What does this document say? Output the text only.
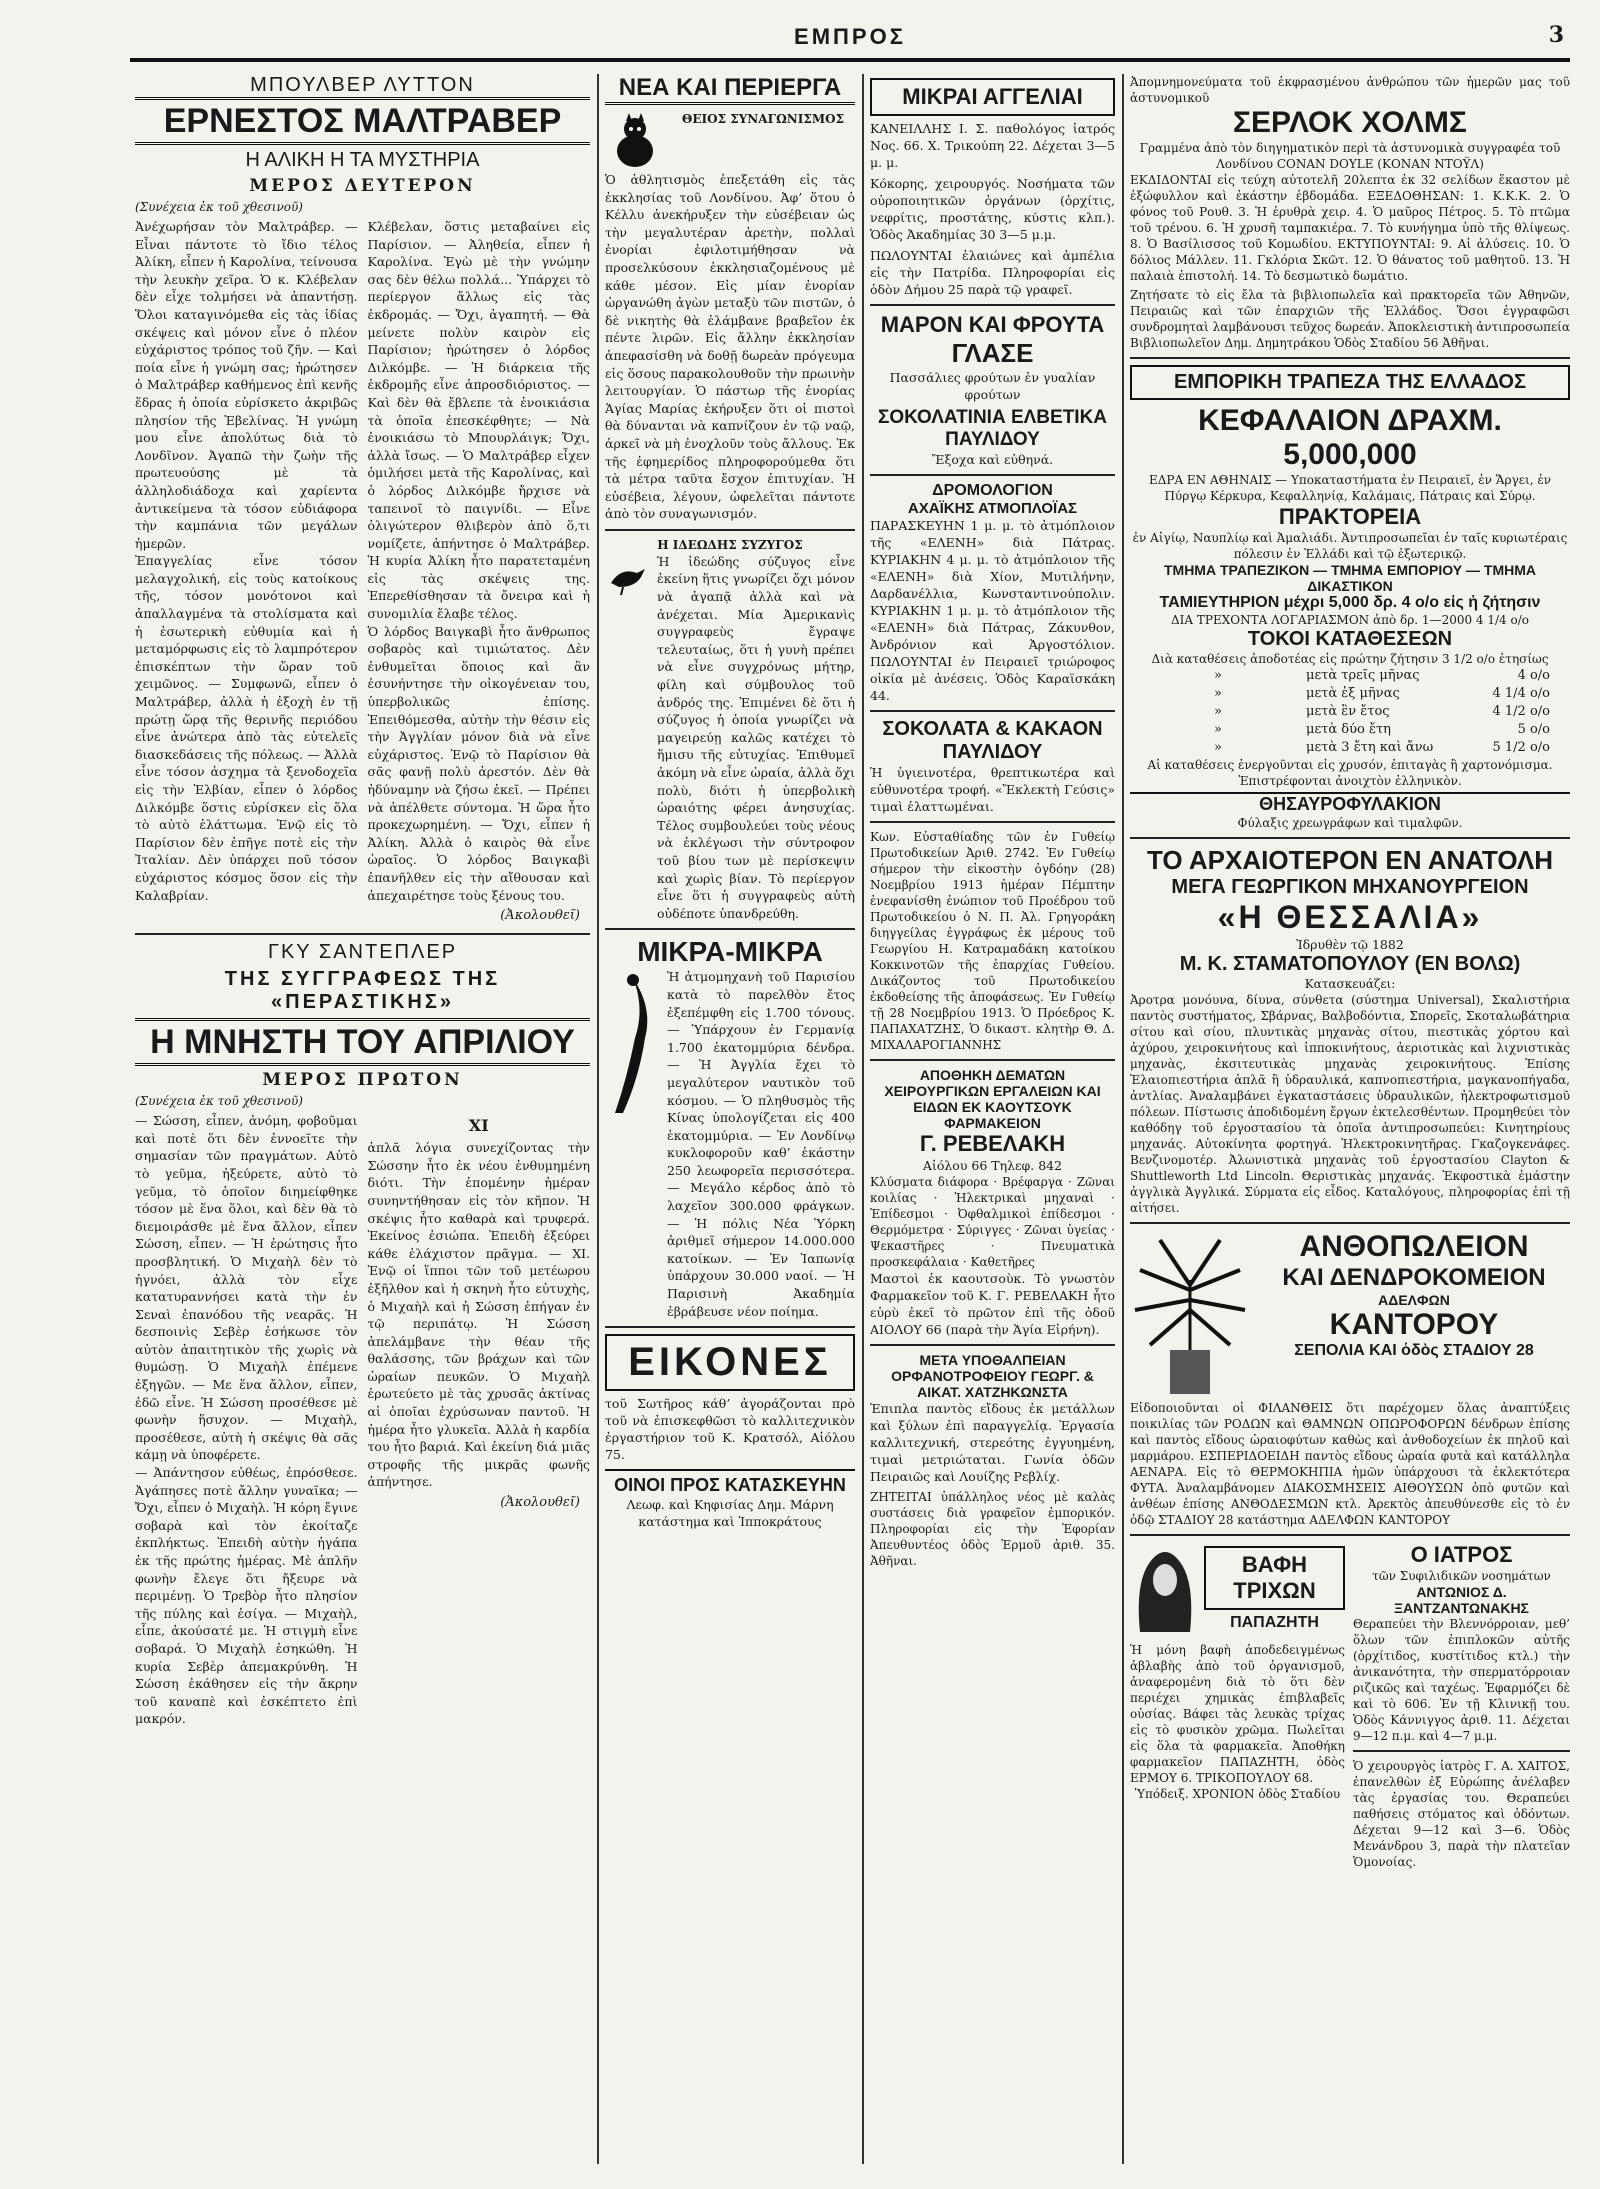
ΕΜΠΡΟΣ	3
ΜΠΟΥΛΒΕΡ ΛΥΤΤΟΝ
ΕΡΝΕΣΤΟΣ ΜΑΛΤΡΑΒΕΡ
Η ΑΛΙΚΗ Η ΤΑ ΜΥΣΤΗΡΙΑ
ΜΕΡΟΣ ΔΕΥΤΕΡΟΝ
(Συνέχεια ἐκ τοῦ χθεσινοῦ)
Ἀνέχωρήσαν τὸν Μαλτράβερ. — Εἶναι πάντοτε τὸ ἴδιο τέλος Ἀλίκη, εἶπεν ἡ Καρολίνα, τείνουσα τὴν λευκὴν χεῖρα. Ὁ κ. Κλέβελαν δὲν εἶχε τολμήσει νὰ ἀπαντήσῃ. Ὅλοι καταγινόμεθα εἰς τὰς ἰδίας σκέψεις καὶ μόνον εἶνε ὁ πλέον εὐχάριστος τρόπος τοῦ ζῆν. — Καὶ ποία εἶνε ἡ γνώμη σας; ἠρώτησεν ὁ Μαλτράβερ καθήμενος ἐπὶ κενῆς ἕδρας ἡ ὁποία εὑρίσκετο ἀκριβῶς πλησίον τῆς Ἐβελίνας. Ἡ γνώμη μου εἶνε ἀπολύτως διὰ τὸ Λονδῖνον. Ἀγαπῶ τὴν ζωὴν τῆς πρωτευούσης μὲ τὰ ἀλληλοδιάδοχα καὶ χαρίεντα ἀντικείμενα τὰ τόσον εὐδιάφορα τὴν καμπάνια τῶν μεγάλων ἡμερῶν.
Ἐπαγγελίας εἶνε τόσον μελαγχολική, εἰς τοὺς κατοίκους τῆς, τόσον μονότονοι καὶ ἀπαλλαγμένα τὰ στολίσματα καὶ ἡ ἐσωτερικὴ εὐθυμία καὶ ἡ μεταμόρφωσις εἰς τὸ λαμπρότερον ἐπισκέπτων τὴν ὥραν τοῦ χειμῶνος. — Συμφωνῶ, εἶπεν ὁ Μαλτράβερ, ἀλλὰ ἡ ἐξοχὴ ἐν τῇ πρώτῃ ὥρᾳ τῆς θερινῆς περιόδου εἶνε ἀνώτερα ἀπὸ τὰς εὐτελεῖς διασκεδάσεις τῆς πόλεως. — Ἀλλὰ εἶνε τόσον ἀσχημα τὰ ξενοδοχεῖα εἰς τὴν Ἐλβίαν, εἶπεν ὁ λόρδος Διλκόμβε ὅστις εὐρίσκεν εἰς ὅλα τὸ αὐτὸ ἐλάττωμα. Ἐνῷ εἰς τὸ Παρίσιον δὲν ἐπῆγε ποτὲ εἰς τὴν Ἰταλίαν. Δὲν ὑπάρχει ποῦ τόσον εὐχάριστος κόσμος ὅσον εἰς τὴν Καλαβρίαν.
Κλέβελαν, ὅστις μεταβαίνει εἰς Παρίσιον. — Ἀληθεία, εἶπεν ἡ Καρολίνα. Ἐγὼ μὲ τὴν γνώμην σας δὲν θέλω πολλά... Ὑπάρχει τὸ περίεργον ἄλλως εἰς τὰς ἐκδρομάς. — Ὄχι, ἀγαπητή. — Θὰ μείνετε πολὺν καιρὸν εἰς Παρίσιον; ἠρώτησεν ὁ λόρδος Διλκόμβε. — Ἡ διάρκεια τῆς ἐκδρομῆς εἶνε ἀπροσδιόριστος. — Καὶ δὲν θὰ ἔβλεπε τὰ ἐνοικιάσια τὰ ὁποῖα ἐπεσκέφθητε; — Νὰ ἐνοικιάσω τὸ Μπουρλάιγκ; Ὄχι, ἀλλὰ ἴσως. — Ὁ Μαλτράβερ εἶχεν ὁμιλήσει μετὰ τῆς Καρολίνας, καὶ ὁ λόρδος Διλκόμβε ἤρχισε νὰ ταπεινοῖ τὸ παιγνίδι. — Εἶνε ὁλιγώτερον θλιβερὸν ἀπὸ ὅ,τι νομίζετε, ἀπήντησε ὁ Μαλτράβερ. Ἡ κυρία Ἀλίκη ἦτο παρατεταμένη εἰς τὰς σκέψεις της. Ἐπερεθίσθησαν τὰ ὄνειρα καὶ ἡ συνομιλία ἔλαβε τέλος.
Ὁ λόρδος Βαιγκαβὶ ἦτο ἄνθρωπος σοβαρὸς καὶ τιμιώτατος. Δὲν ἐνθυμεῖται ὅποιος καὶ ἂν ἐσυνήντησε τὴν οἰκογένειαν του, ὑπερβολικῶς ἐπίσης. Ἐπειθόμεσθα, αὐτὴν τὴν θέσιν εἰς τὴν Ἀγγλίαν μόνον διὰ νὰ εἶνε εὐχάριστος. Ἐνῷ τὸ Παρίσιον θὰ σᾶς φανῇ πολὺ ἀρεστόν. Δὲν θὰ ἠδύναμην νὰ ζήσω ἐκεῖ. — Πρέπει νὰ ἀπέλθετε σύντομα. Ἡ ὥρα ἦτο προκεχωρημένη. — Ὄχι, εἶπεν ἡ Ἀλίκη. Ἀλλὰ ὁ καιρὸς θὰ εἶνε ὡραῖος. Ὁ λόρδος Βαιγκαβὶ ἐπανῆλθεν εἰς τὴν αἴθουσαν καὶ ἀπεχαιρέτησε τοὺς ξένους του.
(Ἀκολουθεῖ)
ΓΚΥ ΣΑΝΤΕΠΛΕΡ
ΤΗΣ ΣΥΓΓΡΑΦΕΩΣ ΤΗΣ «ΠΕΡΑΣΤΙΚΗΣ»
Η ΜΝΗΣΤΗ ΤΟΥ ΑΠΡΙΛΙΟΥ
ΜΕΡΟΣ ΠΡΩΤΟΝ
(Συνέχεια ἐκ τοῦ χθεσινοῦ)
— Σώσση, εἶπεν, ἀνόμη, φοβοῦμαι καὶ ποτὲ ὅτι δὲν ἐννοεῖτε τὴν σημασίαν τῶν πραγμάτων. Αὐτὸ τὸ γεῦμα, ἠξεύρετε, αὐτὸ τὸ γεῦμα, τὸ ὁποῖον διημείφθηκε τόσον μὲ ἕνα ὅλοι, καὶ δὲν θὰ τὸ διεμοιράσθε μὲ ἕνα ἄλλον, εἶπεν Σώσση, εἶπεν. — Ἡ ἐρώτησις ἦτο προσβλητική. Ὁ Μιχαὴλ δὲν τὸ ἠγνόει, ἀλλὰ τὸν εἶχε κατατυραννήσει κατὰ τὴν ἐν Σεναὶ ἐπανόδου τῆς νεαρᾶς. Ἡ δεσποινὶς Σεβὲρ ἐσήκωσε τὸν αὐτὸν ἀπαιτητικὸν τῆς χωρὶς νὰ θυμώσῃ. Ὁ Μιχαὴλ ἐπέμενε ἐξηγῶν. — Με ἕνα ἄλλον, εἶπεν, ἐδῶ εἶνε. Ἡ Σώσση προσέθεσε μὲ φωνὴν ἥσυχον. — Μιχαὴλ, προσέθεσε, αὐτὴ ἡ σκέψις θὰ σᾶς κάμῃ νὰ ὑποφέρετε.
— Ἀπάντησον εὐθέως, ἐπρόσθεσε. Ἀγάπησες ποτὲ ἄλλην γυναῖκα; — Ὄχι, εἶπεν ὁ Μιχαὴλ. Ἡ κόρη ἔγινε σοβαρὰ καὶ τὸν ἐκοίταζε ἐκπλήκτως. Ἐπειδὴ αὐτὴν ἠγάπα ἐκ τῆς πρώτης ἡμέρας. Μὲ ἁπλῆν φωνὴν ἔλεγε ὅτι ἤξευρε νὰ περιμένῃ. Ὁ Τρεβὸρ ἦτο πλησίον τῆς πύλης καὶ ἐσίγα. — Μιχαὴλ, εἶπε, ἀκούσατέ με. Ἡ στιγμὴ εἶνε σοβαρά. Ὁ Μιχαὴλ ἐσηκώθη. Ἡ κυρία Σεβὲρ ἀπεμακρύνθη. Ἡ Σώσση ἐκάθησεν εἰς τὴν ἄκρην τοῦ καναπὲ καὶ ἐσκέπτετο ἐπὶ μακρόν.
XI
ἁπλᾶ λόγια συνεχίζοντας τὴν Σώσσην ἦτο ἐκ νέου ἐνθυμημένη διότι. Τὴν ἐπομένην ἡμέραν συνηντήθησαν εἰς τὸν κῆπον. Ἡ σκέψις ἦτο καθαρὰ καὶ τρυφερά. Ἐκείνος ἐσιώπα. Ἐπειδὴ ἐξεύρει κάθε ἐλάχιστον πρᾶγμα. — ΧΙ. Ἐνῷ οἱ ἵπποι τῶν τοῦ μετέωρου ἐξῆλθον καὶ ἡ σκηνὴ ἦτο εὐτυχὴς, ὁ Μιχαὴλ καὶ ἡ Σώσση ἐπήγαν ἐν τῷ περιπάτῳ. Ἡ Σώσση ἀπελάμβανε τὴν θέαν τῆς θαλάσσης, τῶν βράχων καὶ τῶν ὡραίων πευκῶν. Ὁ Μιχαὴλ ἐρωτεύετο μὲ τὰς χρυσᾶς ἀκτίνας αἱ ὁποῖαι ἐχρύσωναν παντοῦ. Ἡ ἡμέρα ἦτο γλυκεῖα. Ἀλλὰ ἡ καρδία του ἦτο βαριά. Καὶ ἐκείνη διά μιᾶς στροφῆς τῆς μικρᾶς φωνῆς ἀπήντησε.
(Ἀκολουθεῖ)
ΝΕΑ ΚΑΙ ΠΕΡΙΕΡΓΑ
ΘΕΙΟΣ ΣΥΝΑΓΩΝΙΣΜΟΣ
Ὁ ἀθλητισμὸς ἐπεξετάθη εἰς τὰς ἐκκλησίας τοῦ Λονδίνου. Ἀφ’ ὅτου ὁ Κέλλυ ἀνεκήρυξεν τὴν εὐσέβειαν ὡς τὴν μεγαλυτέραν ἀρετὴν, πολλαὶ ἐνορίαι ἐφιλοτιμήθησαν νὰ προσελκύσουν ἐκκλησιαζομένους μὲ κάθε μέσον. Εἰς μίαν ἐνορίαν ὠργανώθη ἀγὼν μεταξὺ τῶν πιστῶν, ὁ δὲ νικητὴς θὰ ἐλάμβανε βραβεῖον ἐκ πέντε λιρῶν. Εἰς ἄλλην ἐκκλησίαν ἀπεφασίσθη νὰ δοθῇ δωρεὰν πρόγευμα εἰς ὅσους παρακολουθοῦν τὴν πρωινὴν λειτουργίαν. Ὁ πάστωρ τῆς ἐνορίας Ἁγίας Μαρίας ἐκήρυξεν ὅτι οἱ πιστοὶ θὰ δύνανται νὰ καπνίζουν ἐν τῷ ναῷ, ἀρκεῖ νὰ μὴ ἐνοχλοῦν τοὺς ἄλλους. Ἐκ τῆς ἐφημερίδος πληροφορούμεθα ὅτι τὰ μέτρα ταῦτα ἔσχον ἐπιτυχίαν. Ἡ εὐσέβεια, λέγουν, ὠφελεῖται πάντοτε ἀπὸ τὸν συναγωνισμόν.
Η ΙΔΕΩΔΗΣ ΣΥΖΥΓΟΣ
Ἡ ἰδεώδης σύζυγος εἶνε ἐκείνη ἥτις γνωρίζει ὄχι μόνον νὰ ἀγαπᾷ ἀλλὰ καὶ νὰ ἀνέχεται. Μία Ἀμερικανὶς συγγραφεὺς ἔγραψε τελευταίως, ὅτι ἡ γυνὴ πρέπει νὰ εἶνε συγχρόνως μήτηρ, φίλη καὶ σύμβουλος τοῦ ἀνδρός της. Ἐπιμένει δὲ ὅτι ἡ σύζυγος ἡ ὁποία γνωρίζει νὰ μαγειρεύῃ καλῶς κατέχει τὸ ἥμισυ τῆς εὐτυχίας. Ἐπιθυμεῖ ἀκόμη νὰ εἶνε ὡραία, ἀλλὰ ὄχι πολὺ, διότι ἡ ὑπερβολικὴ ὡραιότης φέρει ἀνησυχίας. Τέλος συμβουλεύει τοὺς νέους νὰ ἐκλέγωσι τὴν σύντροφον τοῦ βίου των μὲ περίσκεψιν καὶ χωρὶς βίαν. Τὸ περίεργον εἶνε ὅτι ἡ συγγραφεὺς αὐτὴ οὐδέποτε ὑπανδρεύθη.
ΜΙΚΡΑ-ΜΙΚΡΑ
Ἡ ἀτμομηχανὴ τοῦ Παρισίου κατὰ τὸ παρελθὸν ἔτος ἐξεπέμφθη εἰς 1.700 τόνους. — Ὑπάρχουν ἐν Γερμανίᾳ 1.700 ἑκατομμύρια δένδρα. — Ἡ Ἀγγλία ἔχει τὸ μεγαλύτερον ναυτικὸν τοῦ κόσμου. — Ὁ πληθυσμὸς τῆς Κίνας ὑπολογίζεται εἰς 400 ἑκατομμύρια. — Ἐν Λονδίνῳ κυκλοφοροῦν καθ’ ἑκάστην 250 λεωφορεῖα περισσότερα. — Μεγάλο κέρδος ἀπὸ τὸ λαχεῖον 300.000 φράγκων. — Ἡ πόλις Νέα Ὑόρκη ἀριθμεῖ σήμερον 14.000.000 κατοίκων. — Ἐν Ἰαπωνίᾳ ὑπάρχουν 30.000 ναοί. — Ἡ Παρισινὴ Ἀκαδημία ἐβράβευσε νέον ποίημα.
ΕΙΚΟΝΕΣ
τοῦ Σωτῆρος κάθ’ ἀγοράζονται πρὸ τοῦ νὰ ἐπισκεφθῶσι τὸ καλλιτεχνικὸν ἐργαστήριον τοῦ Κ. Κρατσόλ, Αἰόλου 75.
ΟΙΝΟΙ ΠΡΟΣ ΚΑΤΑΣΚΕΥΗΝ
Λεωφ. καὶ Κηφισίας Δημ. Μάρνη κατάστημα καὶ Ἱπποκράτους
ΜΙΚΡΑΙ ΑΓΓΕΛΙΑΙ
ΚΑΝΕΙΛΛΗΣ Ι. Σ. παθολόγος ἰατρός Νος. 66. Χ. Τρικούπη 22. Δέχεται 3—5 μ. μ.
Κόκορης, χειρουργός. Νοσήματα τῶν οὐροποιητικῶν ὀργάνων (ὀρχίτις, νεφρίτις, προστάτης, κύστις κλπ.). Ὁδὸς Ἀκαδημίας 30 3—5 μ.μ.
ΠΩΛΟΥΝΤΑΙ ἐλαιώνες καὶ ἀμπέλια εἰς τὴν Πατρίδα. Πληροφορίαι εἰς ὁδὸν Δήμου 25 παρὰ τῷ γραφεῖ.
ΜΑΡΟΝ ΚΑΙ ΦΡΟΥΤΑ
ΓΛΑΣΕ
Πασσάλιες φρούτων ἐν γυαλίαν φρούτων
ΣΟΚΟΛΑΤΙΝΙΑ ΕΛΒΕΤΙΚΑ ΠΑΥΛΙΔΟΥ
Ἔξοχα καὶ εὐθηνά.
ΔΡΟΜΟΛΟΓΙΟΝ
ΑΧΑΪΚΗΣ ΑΤΜΟΠΛΟΪΑΣ
ΠΑΡΑΣΚΕΥΗΝ 1 μ. μ. τὸ ἀτμόπλοιον τῆς «ΕΛΕΝΗ» διὰ Πάτρας. ΚΥΡΙΑΚΗΝ 4 μ. μ. τὸ ἀτμόπλοιον τῆς «ΕΛΕΝΗ» διὰ Χίον, Μυτιλήνην, Δαρδανέλλια, Κωνσταντινούπολιν. ΚΥΡΙΑΚΗΝ 1 μ. μ. τὸ ἀτμόπλοιον τῆς «ΕΛΕΝΗ» διὰ Πάτρας, Ζάκυνθον, Ἀνδρόνιον καὶ Ἀργοστόλιον. ΠΩΛΟΥΝΤΑΙ ἐν Πειραιεῖ τριώροφος οἰκία μὲ ἀνέσεις. Ὁδὸς Καραϊσκάκη 44.
ΣΟΚΟΛΑΤΑ & ΚΑΚΑΟΝ
ΠΑΥΛΙΔΟΥ
Ἡ ὑγιεινοτέρα, θρεπτικωτέρα καὶ εὐθυνοτέρα τροφή. «Ἔκλεκτὴ Γεύσις» τιμαὶ ἐλαττωμέναι.
Κων. Εὐσταθίαδης τῶν ἐν Γυθείῳ Πρωτοδικείων Ἀριθ. 2742. Ἐν Γυθείῳ σήμερον τὴν εἰκοστὴν ὀγδόην (28) Νοεμβρίου 1913 ἡμέραν Πέμπτην ἐνεφανίσθη ἐνώπιον τοῦ Προέδρου τοῦ Πρωτοδικείου ὁ Ν. Π. Ἀλ. Γρηγοράκη διηγγείλας ἐγγράφως ἐκ μέρους τοῦ Γεωργίου Η. Κατραμαδάκη κατοίκου Κοκκινοτῶν τῆς ἐπαρχίας Γυθείου. Δικάζοντος τοῦ Πρωτοδικείου ἐκδοθείσης τῆς ἀποφάσεως. Ἐν Γυθείῳ τῇ 28 Νοεμβρίου 1913. Ὁ Πρόεδρος Κ. ΠΑΠΑΧΑΤΖΗΣ, Ὁ δικαστ. κλητὴρ Θ. Δ. ΜΙΧΑΛΑΡΟΓΙΑΝΝΗΣ
ΑΠΟΘΗΚΗ ΔΕΜΑΤΩΝ ΧΕΙΡΟΥΡΓΙΚΩΝ ΕΡΓΑΛΕΙΩΝ ΚΑΙ ΕΙΔΩΝ ΕΚ ΚΑΟΥΤΣΟΥΚ ΦΑΡΜΑΚΕΙΟΝ
Γ. ΡΕΒΕΛΑΚΗ
Αἰόλου 66 Τηλεφ. 842
Κλύσματα διάφορα · Βρέφαργα · Ζῶναι κοιλίας · Ἠλεκτρικαὶ μηχαναὶ · Ἐπίδεσμοι · Ὀφθαλμικοὶ ἐπίδεσμοι · Θερμόμετρα · Σύριγγες · Ζῶναι ὑγείας · Ψεκαστῆρες · Πνευματικὰ προσκεφάλαια · Καθετῆρες
Μαστοὶ ἐκ καουτσοὺκ. Τὸ γνωστὸν Φαρμακεῖον τοῦ Κ. Γ. ΡΕΒΕΛΑΚΗ ἦτο εὑρὺ ἐκεῖ τὸ πρῶτον ἐπὶ τῆς ὁδοῦ ΑΙΟΛΟΥ 66 (παρὰ τὴν Ἁγία Εἰρήνη).
ΜΕΤΑ ΥΠΟΘΑΛΠΕΙΑΝ ΟΡΦΑΝΟΤΡΟΦΕΙΟΥ ΓΕΩΡΓ. & ΑΙΚΑΤ. ΧΑΤΖΗΚΩΝΣΤΑ
Ἐπιπλα παντὸς εἴδους ἐκ μετάλλων καὶ ξύλων ἐπὶ παραγγελίᾳ. Ἐργασία καλλιτεχνική, στερεότης ἐγγυημένη, τιμαὶ μετριώταται. Γωνία ὁδῶν Πειραιῶς καὶ Λουίζης Ρεβλίχ.
ΖΗΤΕΙΤΑΙ ὑπάλληλος νέος μὲ καλὰς συστάσεις διὰ γραφεῖον ἐμπορικόν. Πληροφορίαι εἰς τὴν Ἐφορίαν Ἀπευθυντέος ὁδὸς Ἑρμοῦ ἀριθ. 35. Ἀθῆναι.
Ἀπομνημονεύματα τοῦ ἐκφρασμένου ἀνθρώπου τῶν ἡμερῶν μας τοῦ ἀστυνομικοῦ
ΣΕΡΛΟΚ ΧΟΛΜΣ
Γραμμένα ἀπὸ τὸν διηγηματικὸν περὶ τὰ ἀστυνομικὰ συγγραφέα τοῦ Λονδίνου CONAN DOYLE (ΚΟΝΑΝ ΝΤΟΫΛ)
ΕΚΔΙΔΟΝΤΑΙ εἰς τεύχη αὐτοτελῆ 20λεπτα ἐκ 32 σελίδων ἕκαστον μὲ ἐξώφυλλον καὶ ἐκάστην ἑβδομάδα. ΕΞΕΔΟΘΗΣΑΝ: 1. Κ.Κ.Κ. 2. Ὁ φόνος τοῦ Ρουθ. 3. Ἡ ἐρυθρὰ χειρ. 4. Ὁ μαῦρος Πέτρος. 5. Τὸ πτῶμα τοῦ τρένου. 6. Ἡ χρυσῆ ταμπακιέρα. 7. Τὸ κυνήγημα ὑπὸ τῆς θλίψεως. 8. Ὁ Βασίλισσος τοῦ Κομωδίου. ΕΚΤΥΠΟΥΝΤΑΙ: 9. Αἱ ἀλύσεις. 10. Ὁ δόλιος Μάλλεν. 11. Γκλόρια Σκῶτ. 12. Ὁ θάνατος τοῦ μαθητοῦ. 13. Ἡ παλαιὰ ἐπιστολή. 14. Τὸ δεσμωτικὸ δωμάτιο.
Ζητήσατε τὸ εἰς ἔλα τὰ βιβλιοπωλεῖα καὶ πρακτορεῖα τῶν Ἀθηνῶν, Πειραιῶς καὶ τῶν ἐπαρχιῶν τῆς Ἑλλάδος. Ὅσοι ἐγγραφῶσι συνδρομηταὶ λαμβάνουσι τεῦχος δωρεάν. Ἀποκλειστικὴ ἀντιπροσωπεία Βιβλιοπωλεῖον Δημ. Δημητράκου Ὁδὸς Σταδίου 56 Ἀθῆναι.
ΕΜΠΟΡΙΚΗ ΤΡΑΠΕΖΑ ΤΗΣ ΕΛΛΑΔΟΣ
ΚΕΦΑΛΑΙΟΝ ΔΡΑΧΜ. 5,000,000
ΕΔΡΑ ΕΝ ΑΘΗΝΑΙΣ — Υποκαταστήματα ἐν Πειραιεῖ, ἐν Ἄργει, ἐν Πύργῳ Κέρκυρα, Κεφαλληνίᾳ, Καλάμαις, Πάτραις καὶ Σύρῳ.
ΠΡΑΚΤΟΡΕΙΑ
ἐν Αἰγίῳ, Ναυπλίῳ καὶ Ἀμαλιάδι. Ἀντιπροσωπεῖαι ἐν ταῖς κυριωτέραις πόλεσιν ἐν Ἑλλάδι καὶ τῷ ἐξωτερικῷ.
ΤΜΗΜΑ ΤΡΑΠΕΖΙΚΟΝ — ΤΜΗΜΑ ΕΜΠΟΡΙΟΥ — ΤΜΗΜΑ ΔΙΚΑΣΤΙΚΟΝ
ΤΑΜΙΕΥΤΗΡΙΟΝ μέχρι 5,000 δρ. 4 ο/ο εἰς ἡ ζήτησιν
ΔΙΑ ΤΡΕΧΟΝΤΑ ΛΟΓΑΡΙΑΣΜΟΝ ἀπὸ δρ. 1—2000 4 1/4 ο/ο
ΤΟΚΟΙ ΚΑΤΑΘΕΣΕΩΝ
Διὰ καταθέσεις ἀποδοτέας εἰς πρώτην ζήτησιν 3 1/2 ο/ο ἐτησίως
»	μετὰ τρεῖς μῆνας	4 ο/ο
»	μετὰ ἑξ μῆνας	4 1/4 ο/ο
»	μετὰ ἓν ἔτος	4 1/2 ο/ο
»	μετὰ δύο ἔτη	5 ο/ο
»	μετὰ 3 ἔτη καὶ ἄνω	5 1/2 ο/ο
Αἱ καταθέσεις ἐνεργοῦνται εἰς χρυσόν, ἐπιταγὰς ἢ χαρτονόμισμα. Ἐπιστρέφονται ἀνοιχτὸν ἐλληνικὸν.
ΘΗΣΑΥΡΟΦΥΛΑΚΙΟΝ
Φύλαξις χρεωγράφων καὶ τιμαλφῶν.
ΤΟ ΑΡΧΑΙΟΤΕΡΟΝ ΕΝ ΑΝΑΤΟΛΗ
ΜΕΓΑ ΓΕΩΡΓΙΚΟΝ ΜΗΧΑΝΟΥΡΓΕΙΟΝ
«Η ΘΕΣΣΑΛΙΑ»
Ἱδρυθὲν τῷ 1882
Μ. Κ. ΣΤΑΜΑΤΟΠΟΥΛΟΥ (ΕΝ ΒΟΛΩ)
Κατασκευάζει:
Ἀροτρα μονόυνα, δίυνα, σύνθετα (σύστημα Universal), Σκαλιστήρια παντὸς συστήματος, Σβάρνας, Βαλβοδόντια, Σπορεῖς, Σκοταλωβάτηρια σίτου καὶ σίου, πλυντικὰς μηχανὰς σίτου, πιεστικὰς χόρτου καὶ ἀχύρου, χειροκινήτους καὶ ἱπποκινήτους, ἀεριοτικὰς καὶ λιχνιστικὰς μηχανὰς, ἐκσιτευτικὰς μηχανὰς χειροκινήτους. Ἐπίσης Ἐλαιοπιεστήρια ἁπλᾶ ἢ ὑδραυλικά, καπνοπιεστήρια, μαγκανοπήγαδα, ἀντλίας. Ἀναλαμβάνει ἐγκαταστάσεις ὑδραυλικῶν, ἠλεκτροφωτισμοῦ πόλεων. Πίστωσις ἀποδιδομένη ἔργων ἐκτελεσθέντων. Προμηθεύει τὸν καθόδηγ τοῦ ἐργοστασίου τὰ ὁποῖα ἀντιπροσωπεύει: Κινητηρίους μηχανάς. Αὐτοκίνητα φορτηγά. Ἠλεκτροκινητῆρας. Γκαζογκενάφες. Βενζινομοτέρ. Ἀλωνιστικὰ μηχανὰς τοῦ ἐργοστασίου Clayton & Shuttleworth Ltd Lincoln. Θεριστικὰς μηχανάς. Ἐκφοστικὰ ἐμάστην ἀγγλικὰ Ἀγγλικά. Σύρματα εἰς εἶδος. Καταλόγους, πληροφορίας ἐπὶ τῇ αἰτήσει.
ΑΝΘΟΠΩΛΕΙΟΝ
ΚΑΙ ΔΕΝΔΡΟΚΟΜΕΙΟΝ
ΑΔΕΛΦΩΝ
ΚΑΝΤΟΡΟΥ
ΣΕΠΟΛΙΑ ΚΑΙ ὁδὸς ΣΤΑΔΙΟΥ 28
Εἰδοποιοῦνται οἱ ΦΙΛΑΝΘΕΙΣ ὅτι παρέχομεν ὅλας ἀναπτύξεις ποικιλίας τῶν ΡΟΔΩΝ καὶ ΘΑΜΝΩΝ ΟΠΩΡΟΦΟΡΩΝ δένδρων ἐπίσης καὶ παντὸς εἴδους ὠραιοφύτων καθὼς καὶ ἀνθοδοχείων ἐκ πηλοῦ καὶ μαρμάρου. ΕΣΠΕΡΙΔΟΕΙΔΗ παντὸς εἴδους ὡραία φυτὰ καὶ κατάλληλα ΑΕΝΑΡΑ. Εἰς τὸ ΘΕΡΜΟΚΗΠΙΑ ἡμῶν ὑπάρχουσι τὰ ἐκλεκτότερα ΦΥΤΑ. Ἀναλαμβάνομεν ΔΙΑΚΟΣΜΗΣΕΙΣ ΑΙΘΟΥΣΩΝ ὀπὸ φυτῶν καὶ ἀνθέων ἐπίσης ΑΝΘΟΔΕΣΜΩΝ κτλ. Ἀρεκτὸς ἀπευθύνεσθε εἰς τὸ ἐν ὁδῷ ΣΤΑΔΙΟΥ 28 κατάστημα ΑΔΕΛΦΩΝ ΚΑΝΤΟΡΟΥ
ΒΑΦΗ ΤΡΙΧΩΝ
ΠΑΠΑΖΗΤΗ
Ἡ μόνη βαφὴ ἀποδεδειγμένως ἀβλαβὴς ἀπὸ τοῦ ὀργανισμοῦ, ἀναφερομένη διὰ τὸ ὅτι δὲν περιέχει χημικὰς ἐπιβλαβεῖς οὐσίας. Βάφει τὰς λευκὰς τρίχας εἰς τὸ φυσικὸν χρῶμα. Πωλεῖται εἰς ὅλα τὰ φαρμακεῖα. Ἀποθήκη φαρμακεῖον ΠΑΠΑΖΗΤΗ, ὁδὸς ΕΡΜΟΥ 6. ΤΡΙΚΟΠΟΥΛΟΥ 68.
Ὑπόδειξ. ΧΡΟΝΙΟΝ ὁδὸς Σταδίου
Ο ΙΑΤΡΟΣ
τῶν Συφιλιδικῶν νοσημάτων
ΑΝΤΩΝΙΟΣ Δ. ΞΑΝΤΖΑΝΤΩΝΑΚΗΣ
Θεραπεύει τὴν Βλεννόρροιαν, μεθ’ ὅλων τῶν ἐπιπλοκῶν αὐτῆς (ὀρχίτιδος, κυστίτιδος κτλ.) τὴν ἀνικανότητα, τὴν σπερματόρροιαν ριζικῶς καὶ ταχέως. Ἐφαρμόζει δὲ καὶ τὸ 606. Ἐν τῇ Κλινικῇ του. Ὁδὸς Κάννιγγος ἀριθ. 11. Δέχεται 9—12 π.μ. καὶ 4—7 μ.μ.
Ὁ χειρουργὸς ἰατρὸς Γ. Α. ΧΑΙΤΟΣ, ἐπανελθὼν ἐξ Εὐρώπης ἀνέλαβεν τὰς ἐργασίας του. Θεραπεύει παθήσεις στόματος καὶ ὀδόντων. Δέχεται 9—12 καὶ 3—6. Ὁδὸς Μενάνδρου 3, παρὰ τὴν πλατεῖαν Ὁμονοίας.
